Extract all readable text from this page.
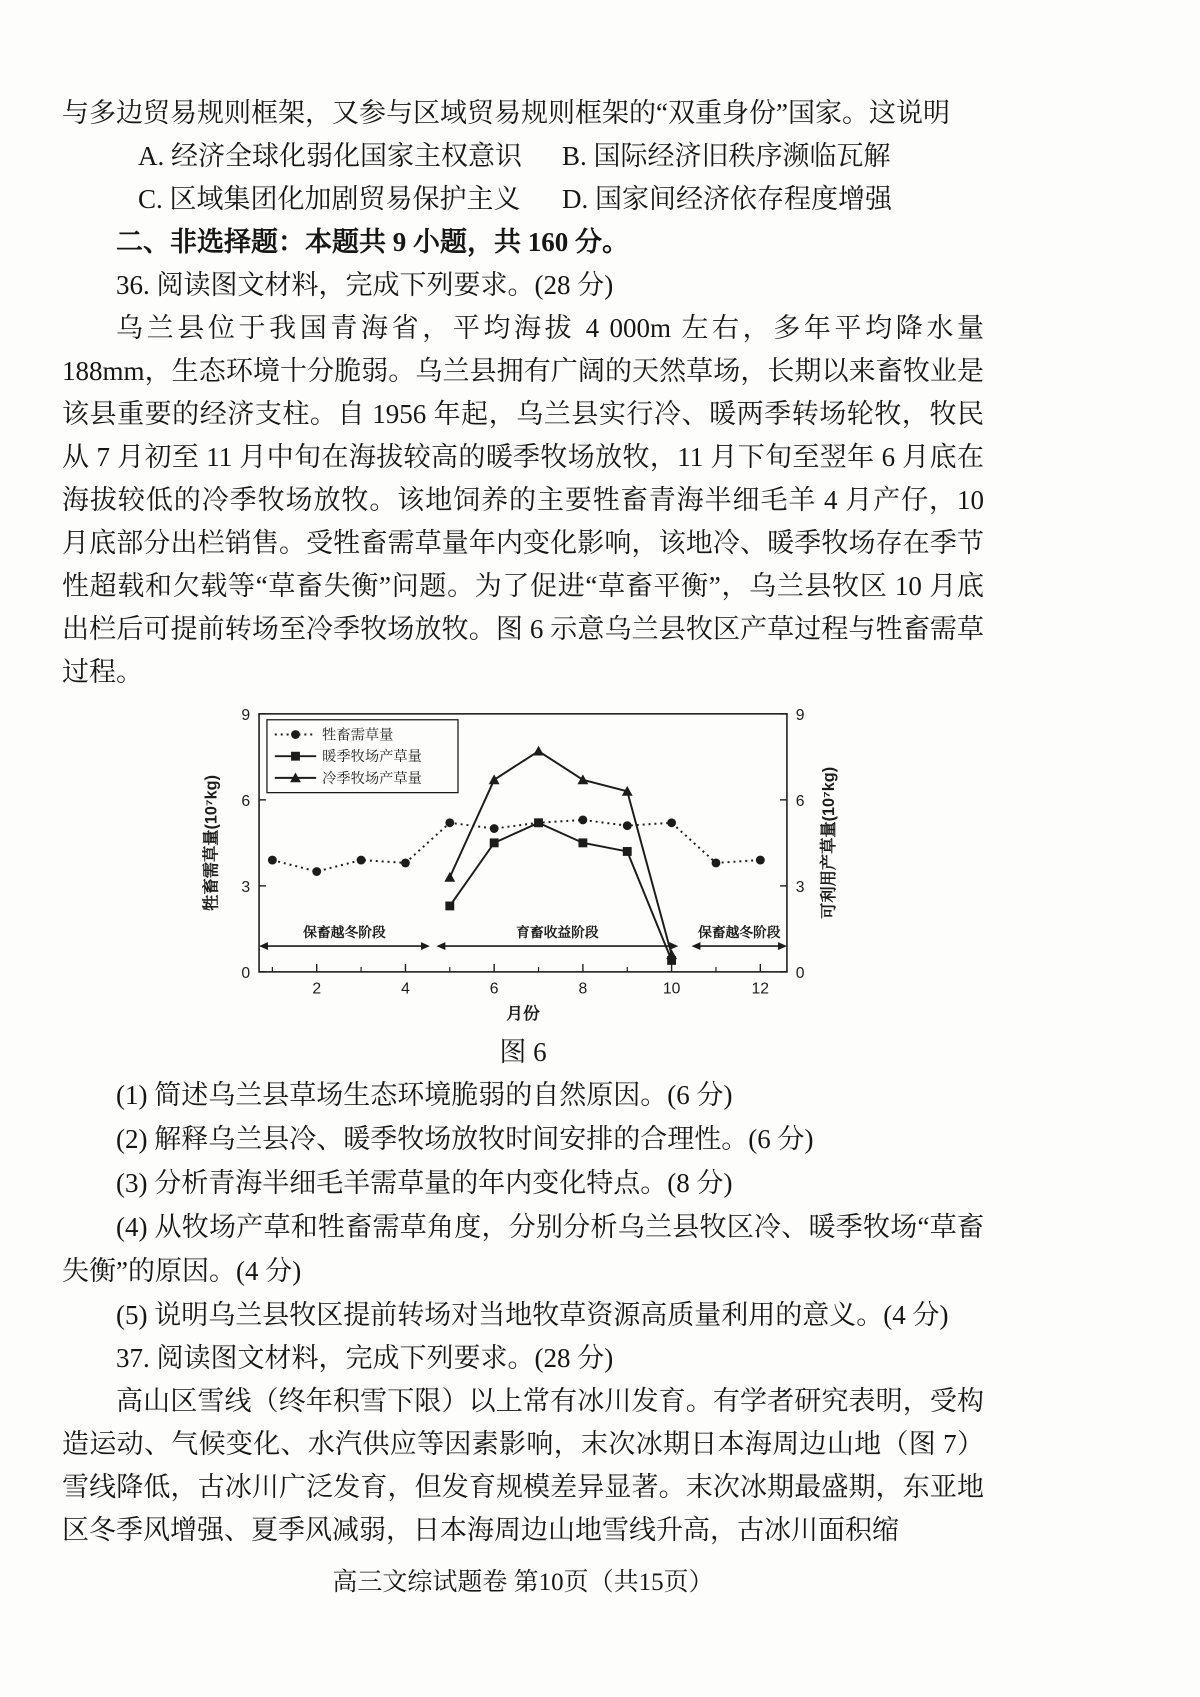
与多边贸易规则框架，又参与区域贸易规则框架的“双重身份”国家。这说明

A. 经济全球化弱化国家主权意识	B. 国际经济旧秩序濒临瓦解
C. 区域集团化加剧贸易保护主义	D. 国家间经济依存程度增强

二、非选择题：本题共 9 小题，共 160 分。

36. 阅读图文材料，完成下列要求。(28 分)

乌兰县位于我国青海省，平均海拔 4 000m 左右，多年平均降水量 188mm，生态环境十分脆弱。乌兰县拥有广阔的天然草场，长期以来畜牧业是该县重要的经济支柱。自 1956 年起，乌兰县实行冷、暖两季转场轮牧，牧民从 7 月初至 11 月中旬在海拔较高的暖季牧场放牧，11 月下旬至翌年 6 月底在海拔较低的冷季牧场放牧。该地饲养的主要牲畜青海半细毛羊 4 月产仔，10 月底部分出栏销售。受牲畜需草量年内变化影响，该地冷、暖季牧场存在季节性超载和欠载等“草畜失衡”问题。为了促进“草畜平衡”，乌兰县牧区 10 月底出栏后可提前转场至冷季牧场放牧。图 6 示意乌兰县牧区产草过程与牲畜需草过程。

0	0
3	3
6	6
9	9
2	4	6	8	10	12
牲畜需草量(10⁷kg)	可利用产草量(10⁷kg)
月份
牲畜需草量
暖季牧场产草量
冷季牧场产草量
保畜越冬阶段	育畜收益阶段	保畜越冬阶段
图 6

(1) 简述乌兰县草场生态环境脆弱的自然原因。(6 分)

(2) 解释乌兰县冷、暖季牧场放牧时间安排的合理性。(6 分)

(3) 分析青海半细毛羊需草量的年内变化特点。(8 分)

(4) 从牧场产草和牲畜需草角度，分别分析乌兰县牧区冷、暖季牧场“草畜失衡”的原因。(4 分)

(5) 说明乌兰县牧区提前转场对当地牧草资源高质量利用的意义。(4 分)

37. 阅读图文材料，完成下列要求。(28 分)

高山区雪线（终年积雪下限）以上常有冰川发育。有学者研究表明，受构造运动、气候变化、水汽供应等因素影响，末次冰期日本海周边山地（图 7）雪线降低，古冰川广泛发育，但发育规模差异显著。末次冰期最盛期，东亚地区冬季风增强、夏季风减弱，日本海周边山地雪线升高，古冰川面积缩

高三文综试题卷 第10页（共15页）
